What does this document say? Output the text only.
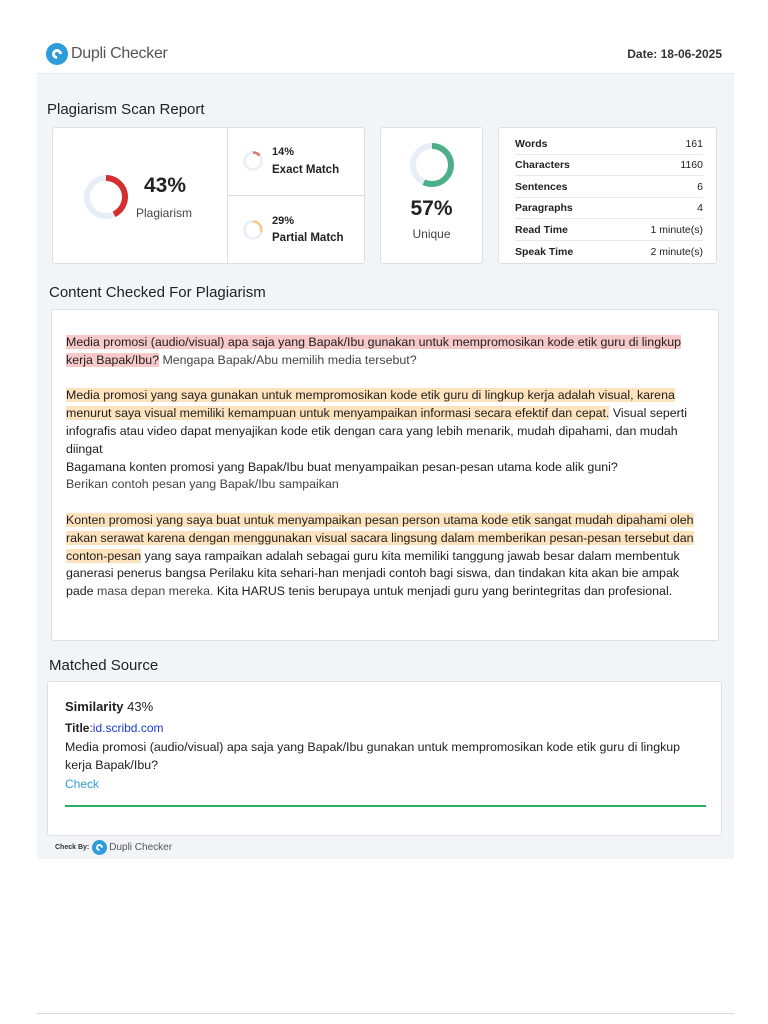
Dupli Checker	Date: 18-06-2025
Plagiarism Scan Report
43%
Plagiarism
14%
Exact Match
29%
Partial Match
57%
Unique
Words	161
Characters	1160
Sentences	6
Paragraphs	4
Read Time	1 minute(s)
Speak Time	2 minute(s)
Content Checked For Plagiarism

Media promosi (audio/visual) apa saja yang Bapak/Ibu gunakan untuk mempromosikan kode etik guru di lingkup kerja Bapak/Ibu? Mengapa Bapak/Abu memilih media tersebut?

Media promosi yang saya gunakan untuk mempromosikan kode etik guru di lingkup kerja adalah visual, karena menurut saya visual memiliki kemampuan untuk menyampaikan informasi secara efektif dan cepat. Visual seperti infografis atau video dapat menyajikan kode etik dengan cara yang lebih menarik, mudah dipahami, dan mudah diingat
Bagamana konten promosi yang Bapak/Ibu buat menyampaikan pesan-pesan utama kode alik guni?
Berikan contoh pesan yang Bapak/Ibu sampaikan

Konten promosi yang saya buat untuk menyampaikan pesan person utama kode etik sangat mudah dipahami oleh rakan serawat karena dengan menggunakan visual sacara lingsung dalam memberikan pesan-pesan tersebut dan conton-pesan yang saya rampaikan adalah sebagai guru kita memiliki tanggung jawab besar dalam membentuk ganerasi penerus bangsa Perilaku kita sehari-han menjadi contoh bagi siswa, dan tindakan kita akan bie ampak pade masa depan mereka. Kita HARUS tenis berupaya untuk menjadi guru yang berintegritas dan profesional.

Matched Source
Similarity 43%
Title:id.scribd.com
Media promosi (audio/visual) apa saja yang Bapak/Ibu gunakan untuk mempromosikan kode etik guru di lingkup kerja Bapak/Ibu?
Check
Check By: Dupli Checker
